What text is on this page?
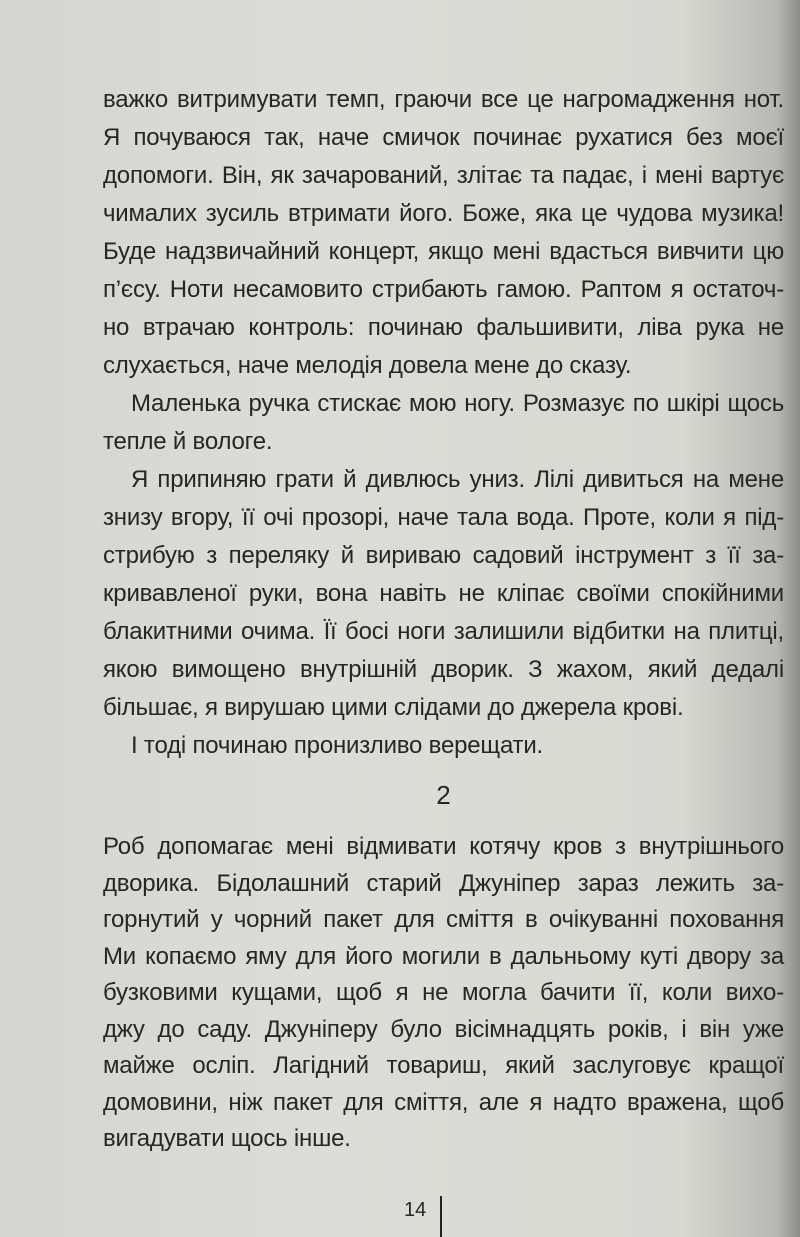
важко витримувати темп, граючи все це нагромадження нот.
Я почуваюся так, наче смичок починає рухатися без моєї
допомоги. Він, як зачарований, злітає та падає, і мені вартує
чималих зусиль втримати його. Боже, яка це чудова музика!
Буде надзвичайний концерт, якщо мені вдасться вивчити цю
п’єсу. Ноти несамовито стрибають гамою. Раптом я остаточ-
но втрачаю контроль: починаю фальшивити, ліва рука не
слухається, наче мелодія довела мене до сказу.
Маленька ручка стискає мою ногу. Розмазує по шкірі щось
тепле й вологе.
Я припиняю грати й дивлюсь униз. Лілі дивиться на мене
знизу вгору, її очі прозорі, наче тала вода. Проте, коли я під-
стрибую з переляку й вириваю садовий інструмент з її за-
кривавленої руки, вона навіть не кліпає своїми спокійними
блакитними очима. Її босі ноги залишили відбитки на плитці,
якою вимощено внутрішній дворик. З жахом, який дедалі
більшає, я вирушаю цими слідами до джерела крові.
І тоді починаю пронизливо верещати.
2
Роб допомагає мені відмивати котячу кров з внутрішнього
дворика. Бідолашний старий Джуніпер зараз лежить за-
горнутий у чорний пакет для сміття в очікуванні поховання
Ми копаємо яму для його могили в дальньому куті двору за
бузковими кущами, щоб я не могла бачити її, коли вихо-
джу до саду. Джуніперу було вісімнадцять років, і він уже
майже осліп. Лагідний товариш, який заслуговує кращої
домовини, ніж пакет для сміття, але я надто вражена, щоб
вигадувати щось інше.
14
